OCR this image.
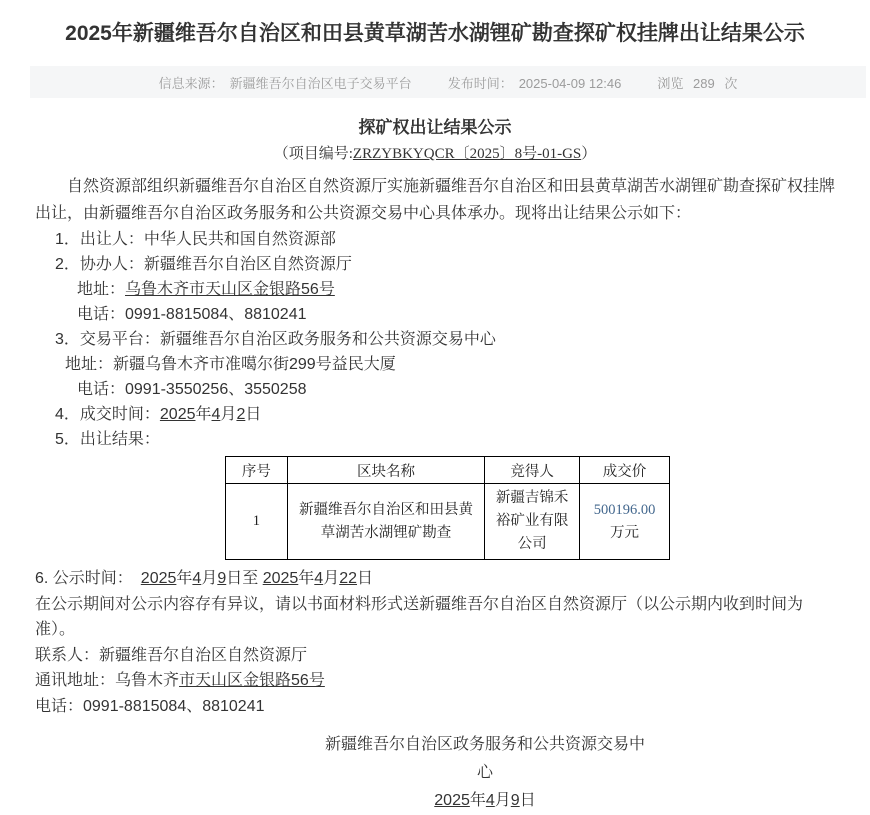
2025年新疆维吾尔自治区和田县黄草湖苦水湖锂矿勘查探矿权挂牌出让结果公示
信息来源： 新疆维吾尔自治区电子交易平台	发布时间： 2025-04-09 12:46	浏览 289 次
探矿权出让结果公示
（项目编号:ZRZYBKYQCR〔2025〕8号-01-GS）

自然资源部组织新疆维吾尔自治区自然资源厅实施新疆维吾尔自治区和田县黄草湖苦水湖锂矿勘查探矿权挂牌出让，由新疆维吾尔自治区政务服务和公共资源交易中心具体承办。现将出让结果公示如下：

1．出让人：中华人民共和国自然资源部
2．协办人：新疆维吾尔自治区自然资源厅
地址：乌鲁木齐市天山区金银路56号
电话：0991-8815084、8810241
3．交易平台：新疆维吾尔自治区政务服务和公共资源交易中心
地址：新疆乌鲁木齐市准噶尔街299号益民大厦
电话：0991-3550256、3550258
4．成交时间：2025年4月2日
5．出让结果：
序号	区块名称	竞得人	成交价
1	新疆维吾尔自治区和田县黄草湖苦水湖锂矿勘查	新疆吉锦禾裕矿业有限公司	500196.00
万元
6. 公示时间：　2025年4月9日至 2025年4月22日
在公示期间对公示内容存有异议，请以书面材料形式送新疆维吾尔自治区自然资源厅（以公示期内收到时间为准）。
联系人：新疆维吾尔自治区自然资源厅
通讯地址：乌鲁木齐市天山区金银路56号
电话：0991-8815084、8810241
新疆维吾尔自治区政务服务和公共资源交易中心
2025年4月9日
